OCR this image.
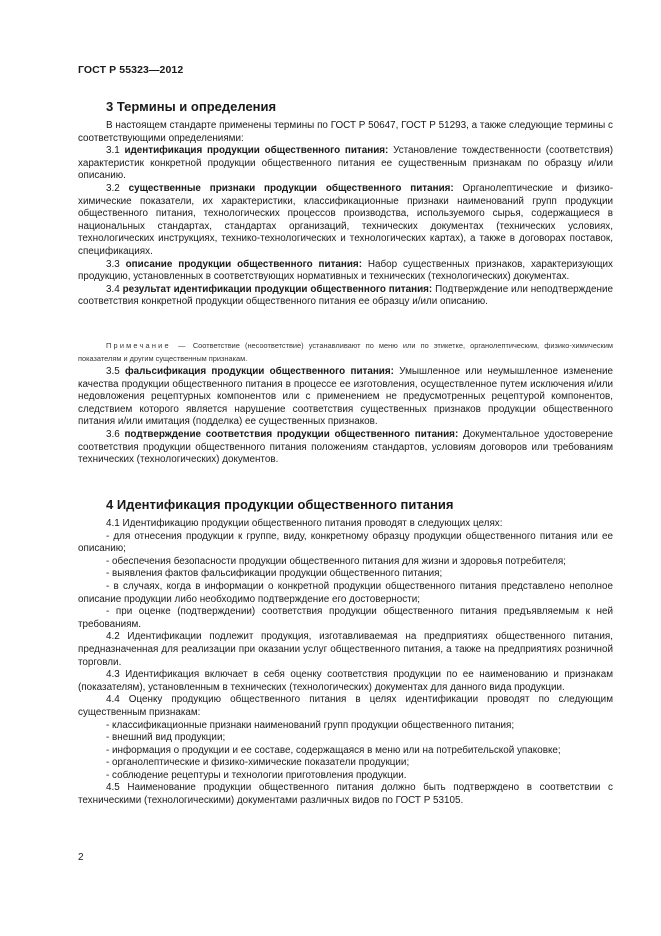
ГОСТ Р 55323—2012
3 Термины и определения

В настоящем стандарте применены термины по ГОСТ Р 50647, ГОСТ Р 51293, а также следующие термины с соответствующими определениями:

3.1 идентификация продукции общественного питания: Установление тождественности (соответствия) характеристик конкретной продукции общественного питания ее существенным признакам по образцу и/или описанию.

3.2 существенные признаки продукции общественного питания: Органолептические и физико-химические показатели, их характеристики, классификационные признаки наименований групп продукции общественного питания, технологических процессов производства, используемого сырья, содержащиеся в национальных стандартах, стандартах организаций, технических документах (технических условиях, технологических инструкциях, технико-технологических и технологических картах), а также в договорах поставок, спецификациях.

3.3 описание продукции общественного питания: Набор существенных признаков, характеризующих продукцию, установленных в соответствующих нормативных и технических (технологических) документах.

3.4 результат идентификации продукции общественного питания: Подтверждение или неподтверждение соответствия конкретной продукции общественного питания ее образцу и/или описанию.

Примечание — Соответствие (несоответствие) устанавливают по меню или по этикетке, органолептическим, физико-химическим показателям и другим существенным признакам.

3.5 фальсификация продукции общественного питания: Умышленное или неумышленное изменение качества продукции общественного питания в процессе ее изготовления, осуществленное путем исключения и/или недовложения рецептурных компонентов или с применением не предусмотренных рецептурой компонентов, следствием которого является нарушение соответствия существенных признаков продукции общественного питания и/или имитация (подделка) ее существенных признаков.

3.6 подтверждение соответствия продукции общественного питания: Документальное удостоверение соответствия продукции общественного питания положениям стандартов, условиям договоров или требованиям технических (технологических) документов.

4 Идентификация продукции общественного питания

4.1 Идентификацию продукции общественного питания проводят в следующих целях:

- для отнесения продукции к группе, виду, конкретному образцу продукции общественного питания или ее описанию;

- обеспечения безопасности продукции общественного питания для жизни и здоровья потребителя;

- выявления фактов фальсификации продукции общественного питания;

- в случаях, когда в информации о конкретной продукции общественного питания представлено неполное описание продукции либо необходимо подтверждение его достоверности;

- при оценке (подтверждении) соответствия продукции общественного питания предъявляемым к ней требованиям.

4.2 Идентификации подлежит продукция, изготавливаемая на предприятиях общественного питания, предназначенная для реализации при оказании услуг общественного питания, а также на предприятиях розничной торговли.

4.3 Идентификация включает в себя оценку соответствия продукции по ее наименованию и признакам (показателям), установленным в технических (технологических) документах для данного вида продукции.

4.4 Оценку продукцию общественного питания в целях идентификации проводят по следующим существенным признакам:

- классификационные признаки наименований групп продукции общественного питания;

- внешний вид продукции;

- информация о продукции и ее составе, содержащаяся в меню или на потребительской упаковке;

- органолептические и физико-химические показатели продукции;

- соблюдение рецептуры и технологии приготовления продукции.

4.5 Наименование продукции общественного питания должно быть подтверждено в соответствии с техническими (технологическими) документами различных видов по ГОСТ Р 53105.

2
